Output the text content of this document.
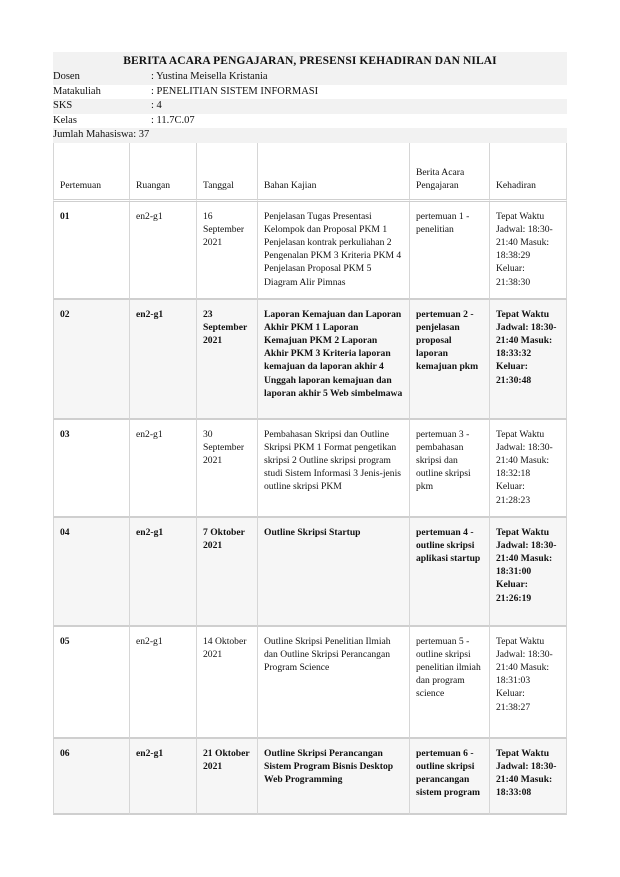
BERITA ACARA PENGAJARAN, PRESENSI KEHADIRAN DAN NILAI
Dosen	: Yustina Meisella Kristania
Matakuliah	: PENELITIAN SISTEM INFORMASI
SKS	: 4
Kelas	: 11.7C.07
Jumlah Mahasiswa : 37
Pertemuan	Ruangan	Tanggal	Bahan Kajian	Berita Acara Pengajaran	Kehadiran
01	en2-g1	16 September 2021	Penjelasan Tugas Presentasi Kelompok dan Proposal PKM 1 Penjelasan kontrak perkuliahan 2 Pengenalan PKM 3 Kriteria PKM 4 Penjelasan Proposal PKM 5 Diagram Alir Pimnas	pertemuan 1 - penelitian	Tepat Waktu Jadwal: 18:30-21:40 Masuk: 18:38:29 Keluar: 21:38:30
02	en2-g1	23 September 2021	Laporan Kemajuan dan Laporan Akhir PKM 1 Laporan Kemajuan PKM 2 Laporan Akhir PKM 3 Kriteria laporan kemajuan da laporan akhir 4 Unggah laporan kemajuan dan laporan akhir 5 Web simbelmawa	pertemuan 2 - penjelasan proposal laporan kemajuan pkm	Tepat Waktu Jadwal: 18:30-21:40 Masuk: 18:33:32 Keluar: 21:30:48
03	en2-g1	30 September 2021	Pembahasan Skripsi dan Outline Skripsi PKM 1 Format pengetikan skripsi 2 Outline skripsi program studi Sistem Informasi 3 Jenis-jenis outline skripsi PKM	pertemuan 3 - pembahasan skripsi dan outline skripsi pkm	Tepat Waktu Jadwal: 18:30-21:40 Masuk: 18:32:18 Keluar: 21:28:23
04	en2-g1	7 Oktober 2021	Outline Skripsi Startup	pertemuan 4 - outline skripsi aplikasi startup	Tepat Waktu Jadwal: 18:30-21:40 Masuk: 18:31:00 Keluar: 21:26:19
05	en2-g1	14 Oktober 2021	Outline Skripsi Penelitian Ilmiah dan Outline Skripsi Perancangan Program Science	pertemuan 5 - outline skripsi penelitian ilmiah dan program science	Tepat Waktu Jadwal: 18:30-21:40 Masuk: 18:31:03 Keluar: 21:38:27
06	en2-g1	21 Oktober 2021	Outline Skripsi Perancangan Sistem Program Bisnis Desktop Web Programming	pertemuan 6 - outline skripsi perancangan sistem program	Tepat Waktu Jadwal: 18:30-21:40 Masuk: 18:33:08
